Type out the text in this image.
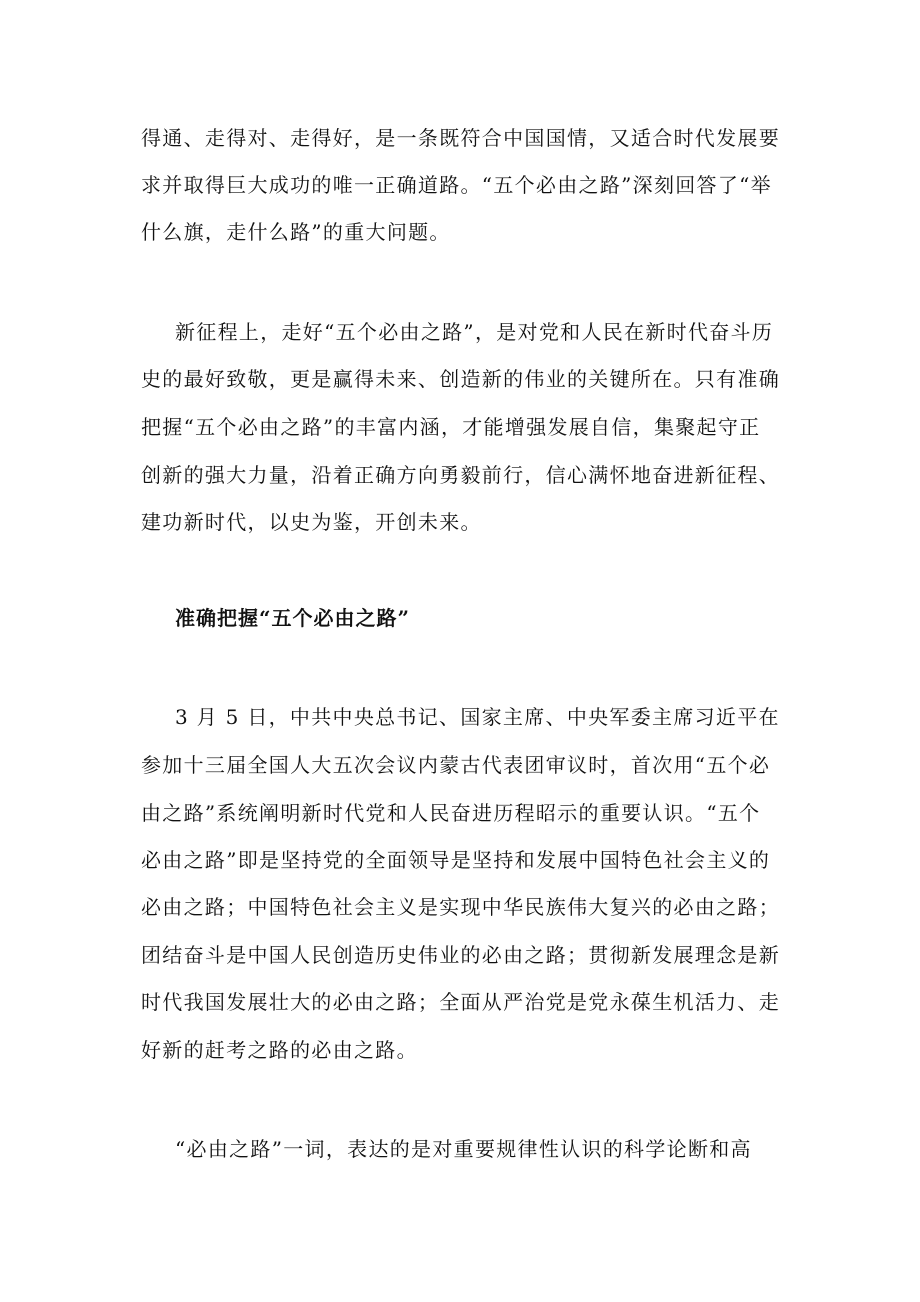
得通、走得对、走得好，是一条既符合中国国情，又适合时代发展要
求并取得巨大成功的唯一正确道路。“五个必由之路”深刻回答了“举
什么旗，走什么路”的重大问题。
新征程上，走好“五个必由之路”，是对党和人民在新时代奋斗历
史的最好致敬，更是赢得未来、创造新的伟业的关键所在。只有准确
把握“五个必由之路”的丰富内涵，才能增强发展自信，集聚起守正
创新的强大力量，沿着正确方向勇毅前行，信心满怀地奋进新征程、
建功新时代，以史为鉴，开创未来。
准确把握“五个必由之路”
3 月 5 日，中共中央总书记、国家主席、中央军委主席习近平在
参加十三届全国人大五次会议内蒙古代表团审议时，首次用“五个必
由之路”系统阐明新时代党和人民奋进历程昭示的重要认识。“五个
必由之路”即是坚持党的全面领导是坚持和发展中国特色社会主义的
必由之路；中国特色社会主义是实现中华民族伟大复兴的必由之路；
团结奋斗是中国人民创造历史伟业的必由之路；贯彻新发展理念是新
时代我国发展壮大的必由之路；全面从严治党是党永葆生机活力、走
好新的赶考之路的必由之路。
“必由之路”一词，表达的是对重要规律性认识的科学论断和高
